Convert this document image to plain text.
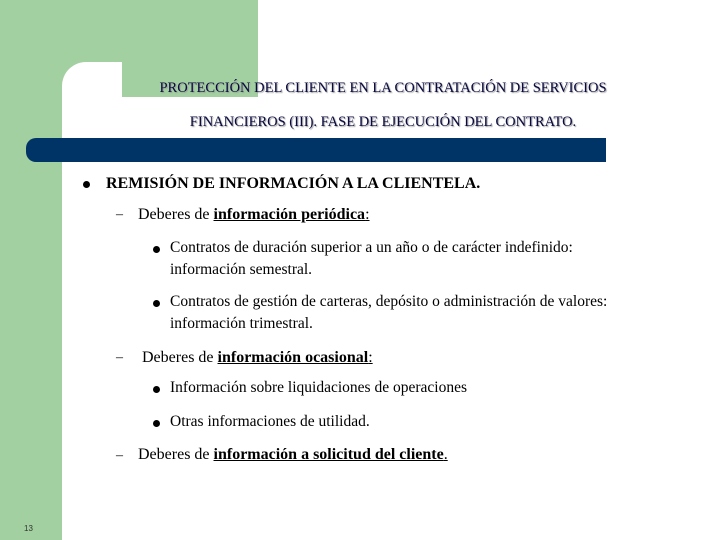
PROTECCIÓN DEL CLIENTE EN LA CONTRATACIÓN DE SERVICIOS
FINANCIEROS (III). FASE DE EJECUCIÓN DEL CONTRATO.
REMISIÓN DE INFORMACIÓN A LA CLIENTELA.
– Deberes de información periódica:
Contratos de duración superior a un año o de carácter indefinido:
información semestral.
Contratos de gestión de carteras, depósito o administración de valores:
información trimestral.
– Deberes de información ocasional:
Información sobre liquidaciones de operaciones
Otras informaciones de utilidad.
– Deberes de información a solicitud del cliente.
13
